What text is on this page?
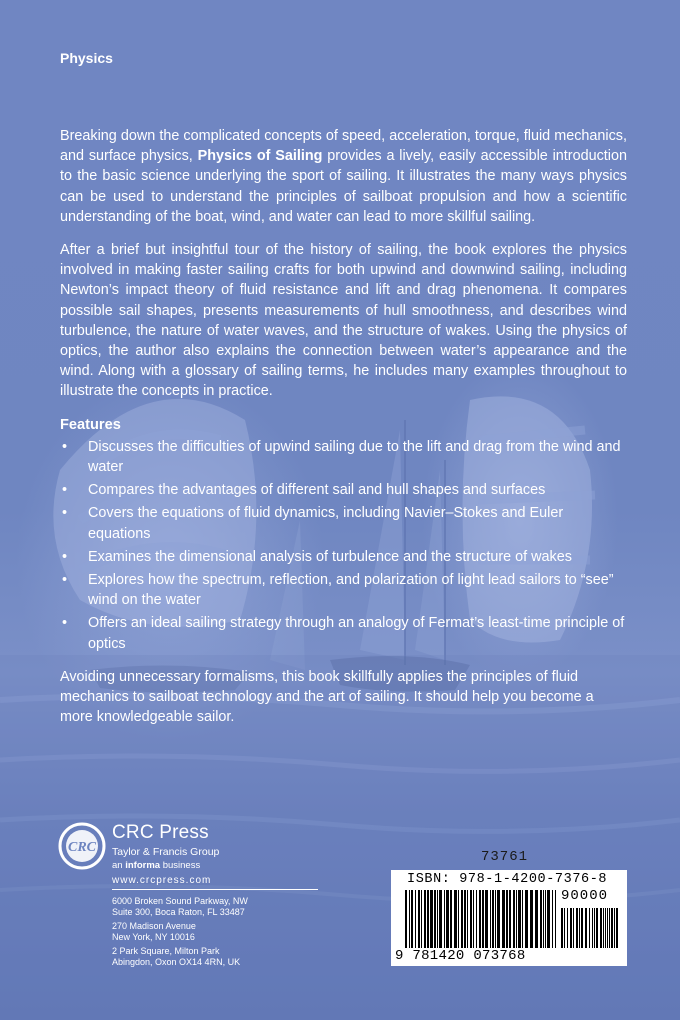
Physics

Breaking down the complicated concepts of speed, acceleration, torque, fluid mechanics, and surface physics, Physics of Sailing provides a lively, easily accessible introduction to the basic science underlying the sport of sailing. It illustrates the many ways physics can be used to understand the principles of sailboat propulsion and how a scientific understanding of the boat, wind, and water can lead to more skillful sailing.

After a brief but insightful tour of the history of sailing, the book explores the physics involved in making faster sailing crafts for both upwind and downwind sailing, including Newton’s impact theory of fluid resistance and lift and drag phenomena. It compares possible sail shapes, presents measurements of hull smoothness, and describes wind turbulence, the nature of water waves, and the structure of wakes. Using the physics of optics, the author also explains the connection between water’s appearance and the wind. Along with a glossary of sailing terms, he includes many examples throughout to illustrate the concepts in practice.

Features
• Discusses the difficulties of upwind sailing due to the lift and drag from the wind and water
• Compares the advantages of different sail and hull shapes and surfaces
• Covers the equations of fluid dynamics, including Navier–Stokes and Euler equations
• Examines the dimensional analysis of turbulence and the structure of wakes
• Explores how the spectrum, reflection, and polarization of light lead sailors to “see” wind on the water
• Offers an ideal sailing strategy through an analogy of Fermat’s least-time principle of optics

Avoiding unnecessary formalisms, this book skillfully applies the principles of fluid mechanics to sailboat technology and the art of sailing. It should help you become a more knowledgeable sailor.

CRC
CRC Press
Taylor & Francis Group
an informa business
www.crcpress.com
6000 Broken Sound Parkway, NW
Suite 300, Boca Raton, FL 33487
270 Madison Avenue
New York, NY 10016
2 Park Square, Milton Park
Abingdon, Oxon OX14 4RN, UK
73761
ISBN: 978-1-4200-7376-8
90000
9 781420 073768
